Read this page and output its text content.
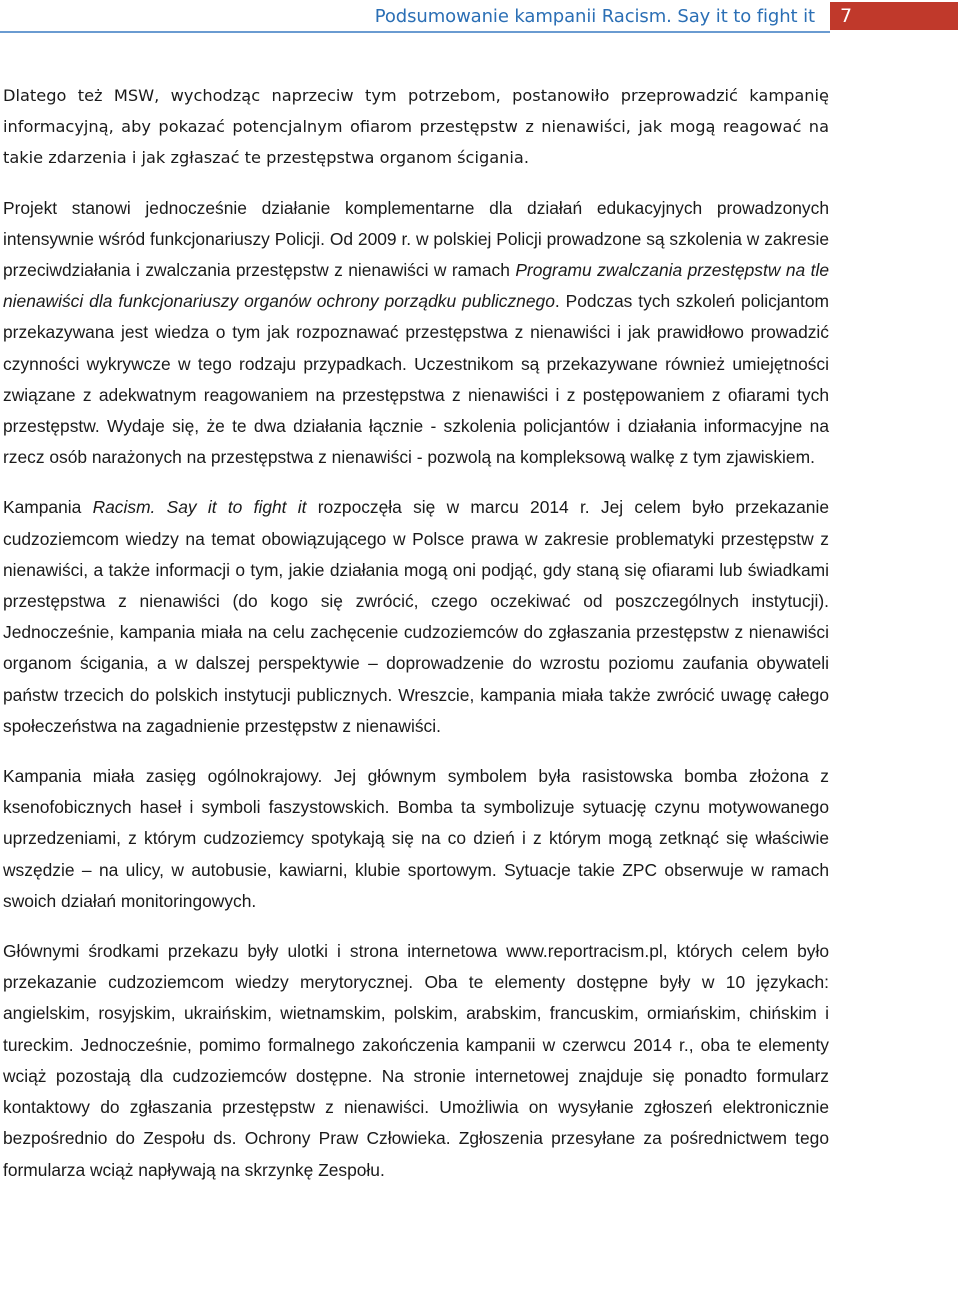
Podsumowanie kampanii Racism. Say it to fight it	7

Dlatego też MSW, wychodząc naprzeciw tym potrzebom, postanowiło przeprowadzić kampanię informacyjną, aby pokazać potencjalnym ofiarom przestępstw z nienawiści, jak mogą reagować na takie zdarzenia i jak zgłaszać te przestępstwa organom ścigania.

Projekt stanowi jednocześnie działanie komplementarne dla działań edukacyjnych prowadzonych intensywnie wśród funkcjonariuszy Policji. Od 2009 r. w polskiej Policji prowadzone są szkolenia w zakresie przeciwdziałania i zwalczania przestępstw z nienawiści w ramach Programu zwalczania przestępstw na tle nienawiści dla funkcjonariuszy organów ochrony porządku publicznego. Podczas tych szkoleń policjantom przekazywana jest wiedza o tym jak rozpoznawać przestępstwa z nienawiści i jak prawidłowo prowadzić czynności wykrywcze w tego rodzaju przypadkach. Uczestnikom są przekazywane również umiejętności związane z adekwatnym reagowaniem na przestępstwa z nienawiści i z postępowaniem z ofiarami tych przestępstw. Wydaje się, że te dwa działania łącznie - szkolenia policjantów i działania informacyjne na rzecz osób narażonych na przestępstwa z nienawiści - pozwolą na kompleksową walkę z tym zjawiskiem.

Kampania Racism. Say it to fight it rozpoczęła się w marcu 2014 r. Jej celem było przekazanie cudzoziemcom wiedzy na temat obowiązującego w Polsce prawa w zakresie problematyki przestępstw z nienawiści, a także informacji o tym, jakie działania mogą oni podjąć, gdy staną się ofiarami lub świadkami przestępstwa z nienawiści (do kogo się zwrócić, czego oczekiwać od poszczególnych instytucji). Jednocześnie, kampania miała na celu zachęcenie cudzoziemców do zgłaszania przestępstw z nienawiści organom ścigania, a w dalszej perspektywie – doprowadzenie do wzrostu poziomu zaufania obywateli państw trzecich do polskich instytucji publicznych. Wreszcie, kampania miała także zwrócić uwagę całego społeczeństwa na zagadnienie przestępstw z nienawiści.

Kampania miała zasięg ogólnokrajowy. Jej głównym symbolem była rasistowska bomba złożona z ksenofobicznych haseł i symboli faszystowskich. Bomba ta symbolizuje sytuację czynu motywowanego uprzedzeniami, z którym cudzoziemcy spotykają się na co dzień i z którym mogą zetknąć się właściwie wszędzie – na ulicy, w autobusie, kawiarni, klubie sportowym. Sytuacje takie ZPC obserwuje w ramach swoich działań monitoringowych.

Głównymi środkami przekazu były ulotki i strona internetowa www.reportracism.pl, których celem było przekazanie cudzoziemcom wiedzy merytorycznej. Oba te elementy dostępne były w 10 językach: angielskim, rosyjskim, ukraińskim, wietnamskim, polskim, arabskim, francuskim, ormiańskim, chińskim i tureckim. Jednocześnie, pomimo formalnego zakończenia kampanii w czerwcu 2014 r., oba te elementy wciąż pozostają dla cudzoziemców dostępne. Na stronie internetowej znajduje się ponadto formularz kontaktowy do zgłaszania przestępstw z nienawiści. Umożliwia on wysyłanie zgłoszeń elektronicznie bezpośrednio do Zespołu ds. Ochrony Praw Człowieka. Zgłoszenia przesyłane za pośrednictwem tego formularza wciąż napływają na skrzynkę Zespołu.
